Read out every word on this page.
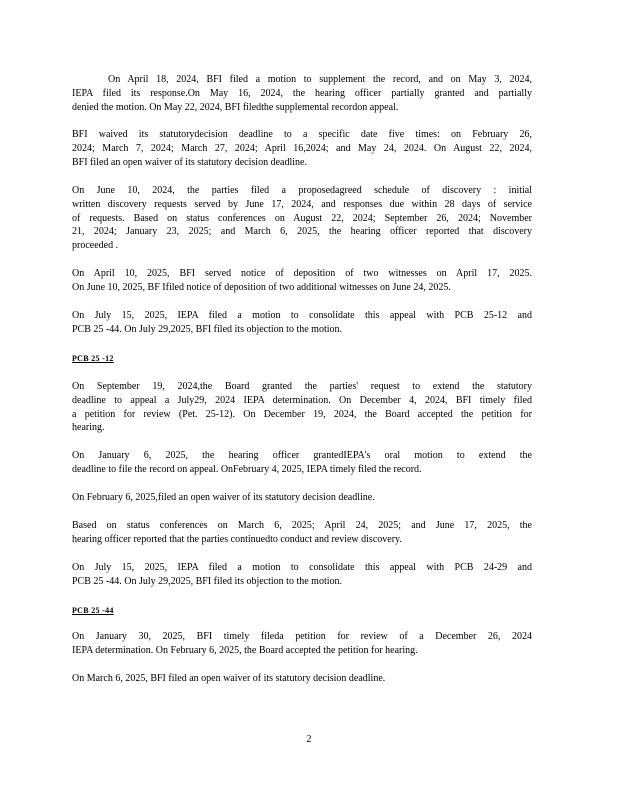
On April 18, 2024, BFI filed a motion to supplement the record, and on May 3, 2024,
IEPA filed its response.On May 16, 2024, the hearing officer partially granted and partially
denied the motion. On May 22, 2024, BFI filedthe supplemental recordon appeal.
BFI waived its statutorydecision deadline to a specific date five times: on February 26,
2024; March 7, 2024; March 27, 2024; April 16,2024; and May 24, 2024. On August 22, 2024,
BFI filed an open waiver of its statutory decision deadline.
On June 10, 2024, the parties filed a proposedagreed schedule of discovery : initial
written discovery requests served by June 17, 2024, and responses due within 28 days of service
of requests. Based on status conferences on August 22, 2024; September 26, 2024; November
21, 2024; January 23, 2025; and March 6, 2025, the hearing officer reported that discovery
proceeded .
On April 10, 2025, BFI served notice of deposition of two witnesses on April 17, 2025.
On June 10, 2025, BF Ifiled notice of deposition of two additional witnesses on June 24, 2025.
On July 15, 2025, IEPA filed a motion to consolidate this appeal with PCB 25-12 and
PCB 25 -44. On July 29,2025, BFI filed its objection to the motion.
PCB 25 -12
On September 19, 2024,the Board granted the parties' request to extend the statutory
deadline to appeal a July29, 2024 IEPA determination. On December 4, 2024, BFI timely filed
a petition for review (Pet. 25-12). On December 19, 2024, the Board accepted the petition for
hearing.
On January 6, 2025, the hearing officer grantedIEPA's oral motion to extend the
deadline to file the record on appeal. OnFebruary 4, 2025, IEPA timely filed the record.
On February 6, 2025,filed an open waiver of its statutory decision deadline.
Based on status conferences on March 6, 2025; April 24, 2025; and June 17, 2025, the
hearing officer reported that the parties continuedto conduct and review discovery.
On July 15, 2025, IEPA filed a motion to consolidate this appeal with PCB 24-29 and
PCB 25 -44. On July 29,2025, BFI filed its objection to the motion.
PCB 25 -44
On January 30, 2025, BFI timely fileda petition for review of a December 26, 2024
IEPA determination. On February 6, 2025, the Board accepted the petition for hearing.
On March 6, 2025, BFI filed an open waiver of its statutory decision deadline.
2
